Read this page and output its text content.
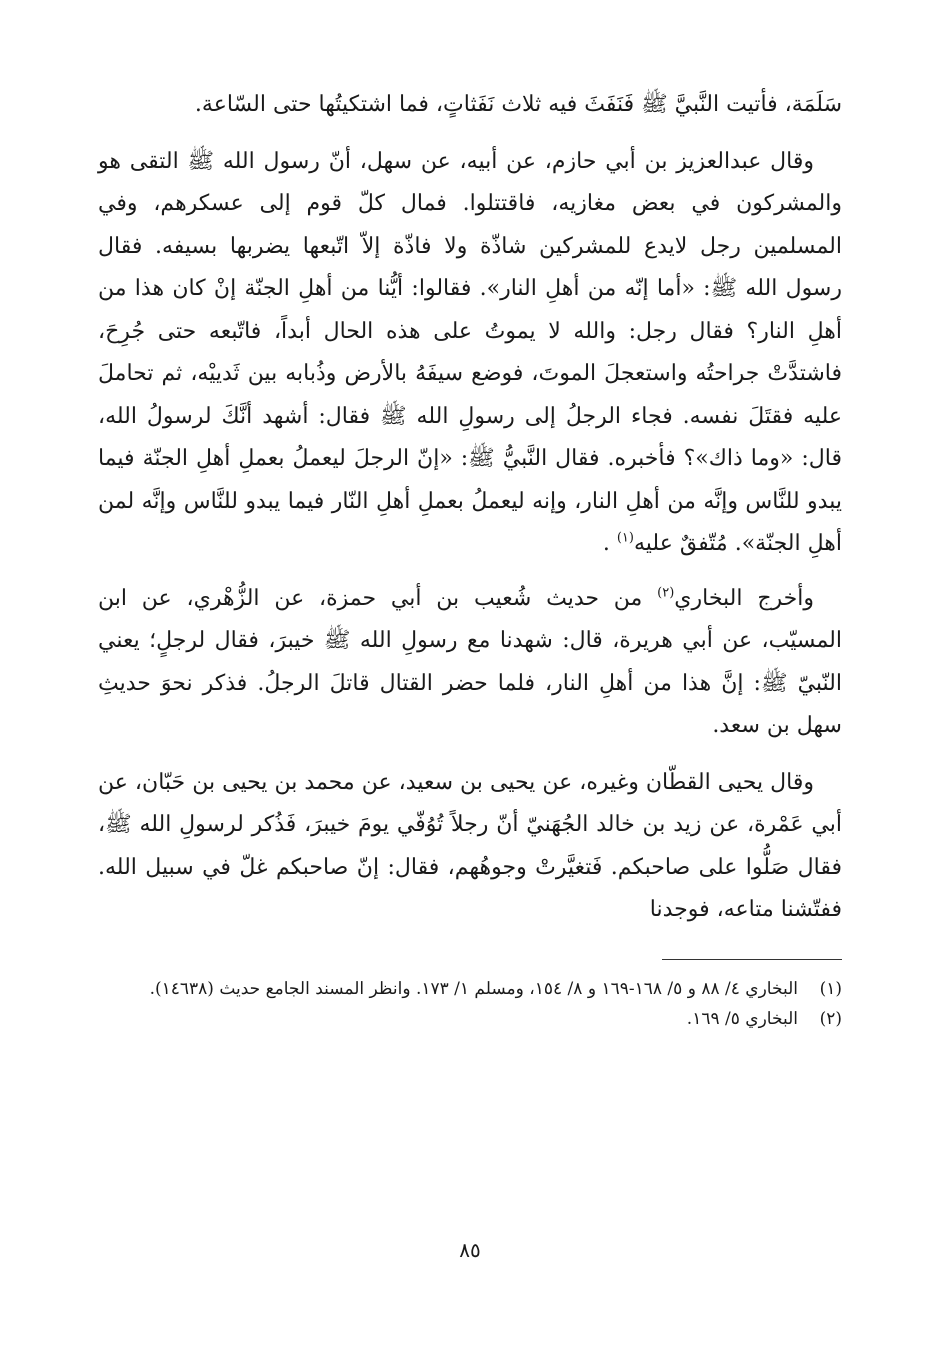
سَلَمَة، فأتيت النَّبيَّ ﷺ فَنَفَثَ فيه ثلاث نَفَثاتٍ، فما اشتكيتُها حتى السّاعة.

وقال عبدالعزيز بن أبي حازم، عن أبيه، عن سهل، أنّ رسول الله ﷺ التقى هو والمشركون في بعض مغازيه، فاقتتلوا. فمال كلّ قوم إلى عسكرهم، وفي المسلمين رجل لايدع للمشركين شاذّة ولا فاذّة إلاّ اتّبعها يضربها بسيفه. فقال رسول الله ﷺ: «أما إنّه من أهلِ النار». فقالوا: أيُّنا من أهلِ الجنّة إنْ كان هذا من أهلِ النار؟ فقال رجل: والله لا يموتُ على هذه الحال أبداً، فاتّبعه حتى جُرِحَ، فاشتدَّتْ جراحتُه واستعجلَ الموتَ، فوضع سيفَهُ بالأرض وذُبابه بين ثَدييْه، ثم تحاملَ عليه فقتَلَ نفسه. فجاء الرجلُ إلى رسولِ الله ﷺ فقال: أشهد أنَّكَ لرسولُ الله، قال: «وما ذاك»؟ فأخبره. فقال النَّبيُّ ﷺ: «إنّ الرجلَ ليعملُ بعملِ أهلِ الجنّة فيما يبدو للنَّاس وإنَّه من أهلِ النار، وإنه ليعملُ بعملِ أهلِ النّار فيما يبدو للنَّاس وإنَّه لمن أهلِ الجنّة». مُتّفقٌ عليه$^{(١)}$ .

وأخرج البخاري$^{(٢)}$ من حديث شُعيب بن أبي حمزة، عن الزُّهْري، عن ابن المسيّب، عن أبي هريرة، قال: شهدنا مع رسولِ الله ﷺ خيبرَ، فقال لرجلٍ؛ يعني النّبيّ ﷺ: إنَّ هذا من أهلِ النار، فلما حضر القتال قاتلَ الرجلُ. فذكر نحوَ حديثِ سهل بن سعد.

وقال يحيى القطّان وغيره، عن يحيى بن سعيد، عن محمد بن يحيى بن حَبّان، عن أبي عَمْرة، عن زيد بن خالد الجُهَنيّ أنّ رجلاً تُوُفّي يومَ خيبرَ، فَذُكر لرسولِ الله ﷺ، فقال صَلُّوا على صاحبكم. فَتغيَّرتْ وجوهُهم، فقال: إنّ صاحبكم غلّ في سبيل الله. ففتّشنا متاعه، فوجدنا

(١)
البخاري ٤/ ٨٨ و ٥/ ١٦٨-١٦٩ و ٨/ ١٥٤، ومسلم ١/ ١٧٣. وانظر المسند الجامع حديث (١٤٦٣٨).
(٢)
البخاري ٥/ ١٦٩.
٨٥
